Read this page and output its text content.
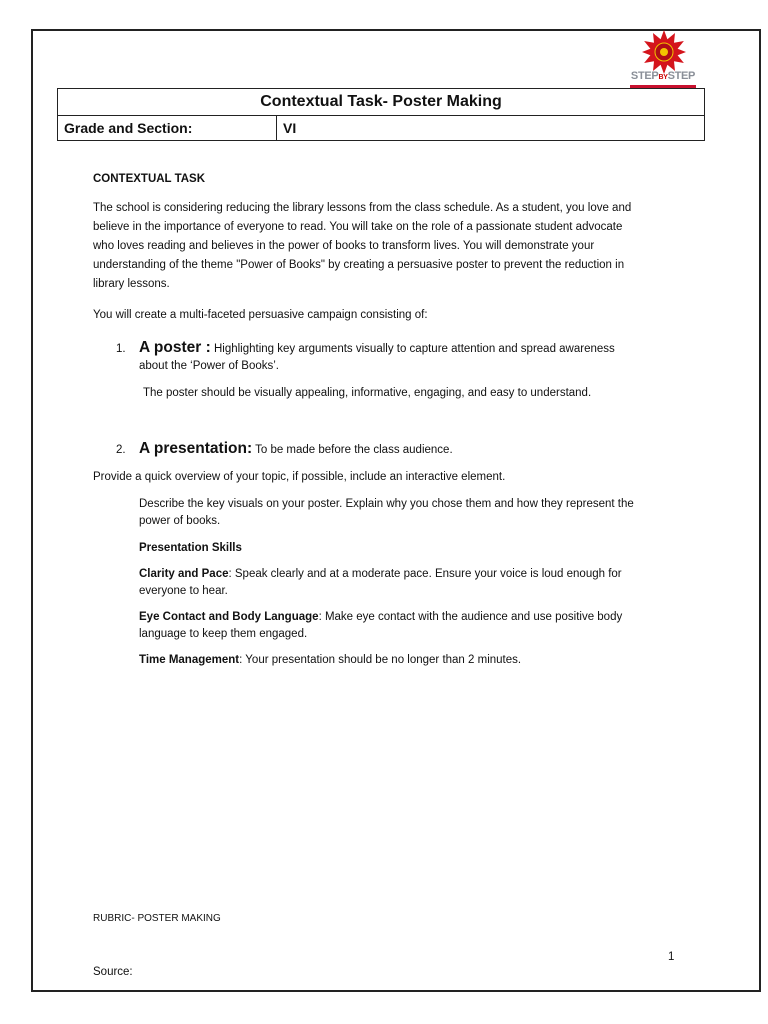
STEPBYSTEP
Contextual Task- Poster Making
Grade and Section:	VI
CONTEXTUAL TASK
The school is considering reducing the library lessons from the class schedule. As a student, you love and
believe in the importance of everyone to read. You will take on the role of a passionate student advocate
who loves reading and believes in the power of books to transform lives. You will demonstrate your
understanding of the theme "Power of Books" by creating a persuasive poster to prevent the reduction in
library lessons.
You will create a multi-faceted persuasive campaign consisting of:
1. A poster : Highlighting key arguments visually to capture attention and spread awareness
about the ‘Power of Books’.
The poster should be visually appealing, informative, engaging, and easy to understand.
2. A presentation: To be made before the class audience.
Provide a quick overview of your topic, if possible, include an interactive element.
Describe the key visuals on your poster. Explain why you chose them and how they represent the
power of books.
Presentation Skills
Clarity and Pace: Speak clearly and at a moderate pace. Ensure your voice is loud enough for
everyone to hear.
Eye Contact and Body Language: Make eye contact with the audience and use positive body
language to keep them engaged.
Time Management: Your presentation should be no longer than 2 minutes.
RUBRIC- POSTER MAKING
1
Source:
